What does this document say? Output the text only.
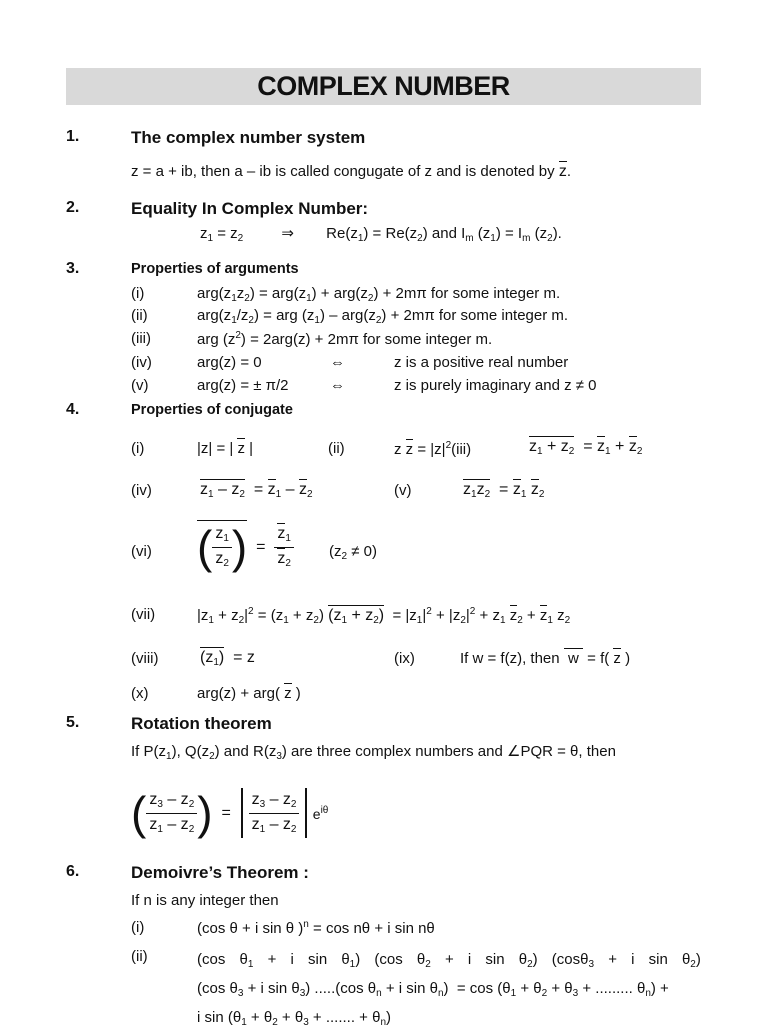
COMPLEX NUMBER
1.	The complex number system
z = a + ib, then a – ib is called congugate of z and is denoted by z.
2.	Equality In Complex Number:
$z_1 = z_2$	⇒ $Re(z_1) = Re(z_2)$ and $I_m$ $(z_1) = I_m$ $(z_2)$.
3.	Properties of arguments
(i)	$arg(z_1z_2) = arg(z_1) + arg(z_2) + 2m\pi$ for some integer m.
(ii)	$arg(z_1/z_2)$ = arg $(z_1) - arg(z_2) + 2m\pi$ for some integer m.
(iii)	arg $(z^2) = 2arg(z) + 2m\pi$ for some integer m.
(iv)	arg(z) = 0	⇔	z is a positive real number
(v)	arg(z) = ± π/2	⇔	z is purely imaginary and z ≠ 0
4.	Properties of conjugate
(i)	|z| = | z |	(ii)	z $z = |z|^2(iii)$	$z_1 + z_2 = z_1 + z_2$
(iv)	$z_1 - z_2 = z_1 - z_2$	(v)	$z_1z_2 = z_1$ $z_2$
(vi) ( $\frac{z_1}{z_2}$ )  = $\frac{z_1}{z_2} (z_2 \ne 0)$
(vii)	$|z_1 + z_2|^2 = (z_1 + z_2) (z_1 + z_2) = |z_1|^2 + |z_2|^2 + z_1$ $z_2 + z_1$ $z_2$
(viii)	$(z_1) = z$	(ix)	If w = f(z), then  w  = f( z )
(x)	arg(z) + arg( z )
5.	Rotation theorem
If $P(z_1)$, $Q(z_2)$ and $R(z_3)$ are three complex numbers and ∠PQR = θ, then
( $\frac{z_3 - z_2}{z_1 - z_2}$ )  = $\frac{z_3 - z_2}{z_1 - z_2} e^{i\theta}$
6.	Demoivre’s Theorem :
If n is any integer then
(i)	(cos θ + i sin θ )$^n$ = cos nθ + i sin nθ
(ii)	(cos $\theta_1 + i$ $\sin \theta_1$) (cos $\theta_2 + i$ $\sin \theta_2$) (cosθ$_3$ + i $\sin \theta_2$)
(cos $\theta_3 + i$ $\sin \theta_3$) .....(cos $\theta_n + i$ $\sin \theta_n) = \cos (\theta_1 + \theta_2 + \theta_3$ + ......... $\theta_n$) +
i $\sin (\theta_1 + \theta_2 + \theta_3$ + ....... + $\theta_n$)
